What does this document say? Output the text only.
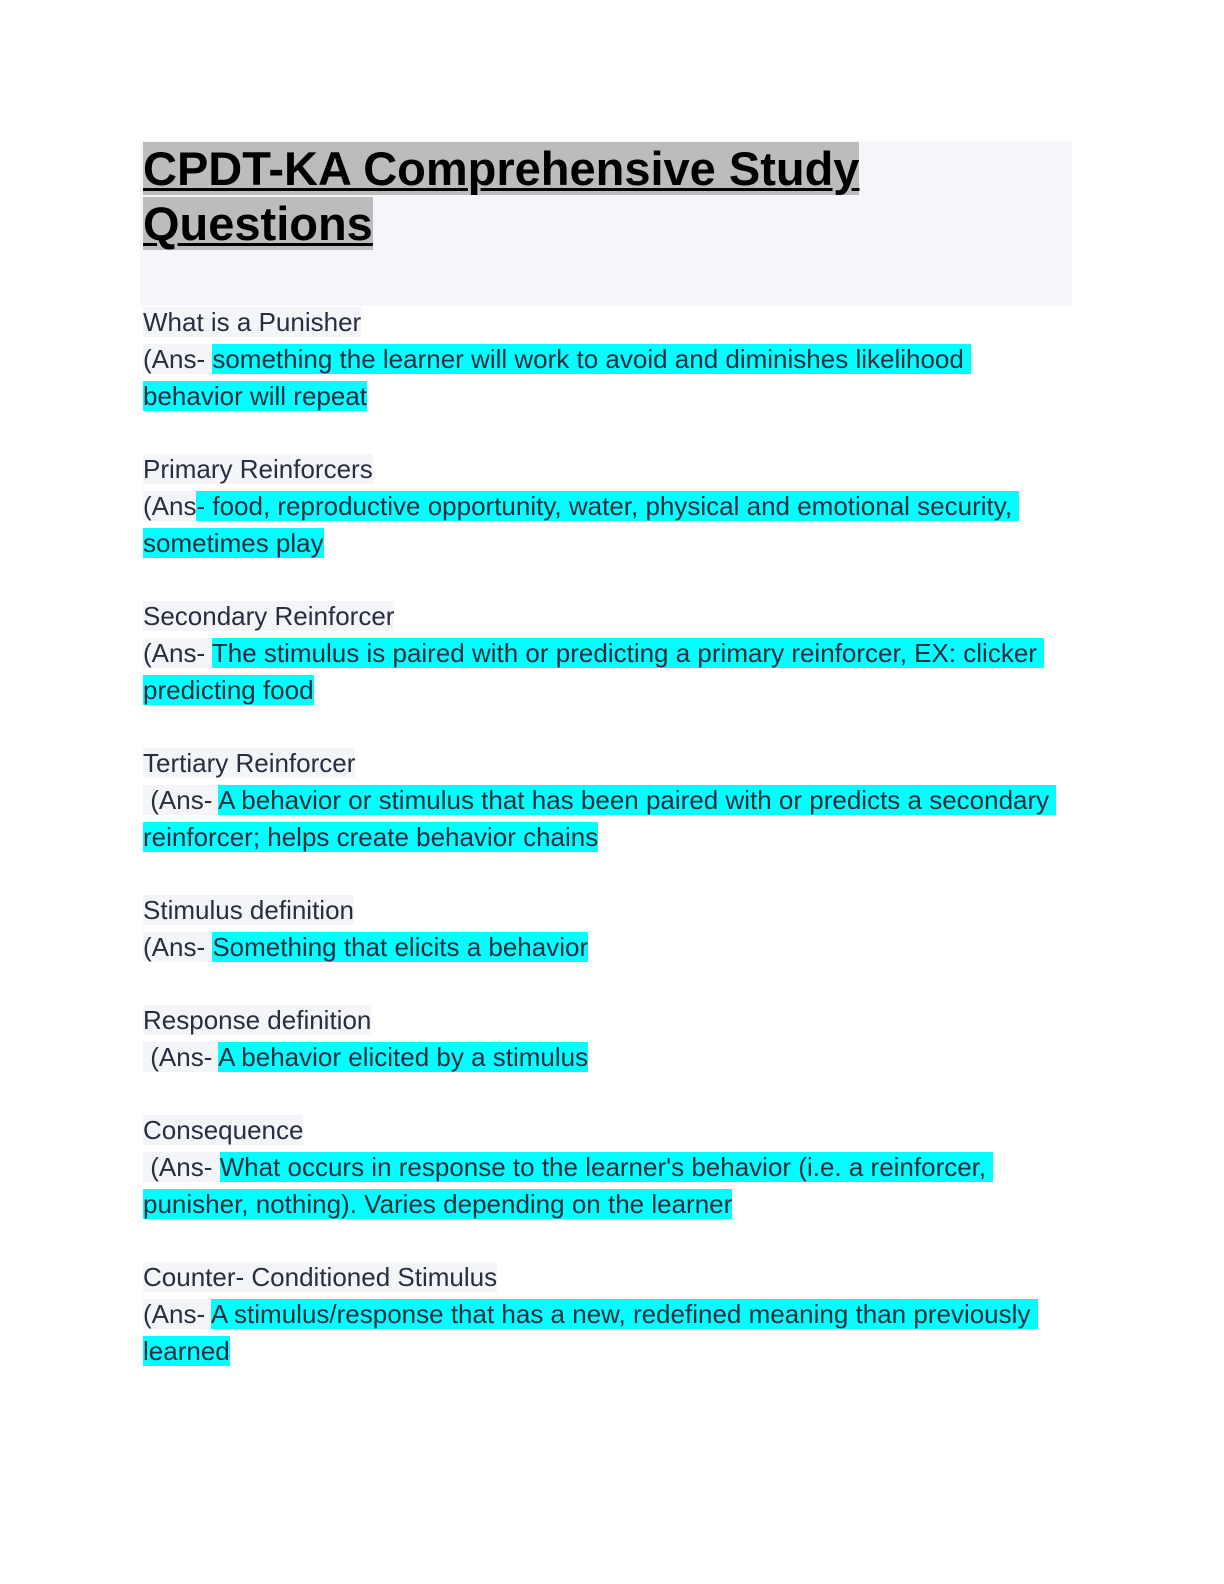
CPDT-KA Comprehensive Study Questions
What is a Punisher
(Ans- something the learner will work to avoid and diminishes likelihood behavior will repeat
Primary Reinforcers
(Ans- food, reproductive opportunity, water, physical and emotional security, sometimes play
Secondary Reinforcer
(Ans- The stimulus is paired with or predicting a primary reinforcer, EX: clicker predicting food
Tertiary Reinforcer
(Ans- A behavior or stimulus that has been paired with or predicts a secondary reinforcer; helps create behavior chains
Stimulus definition
(Ans- Something that elicits a behavior
Response definition
(Ans- A behavior elicited by a stimulus
Consequence
(Ans- What occurs in response to the learner's behavior (i.e. a reinforcer, punisher, nothing). Varies depending on the learner
Counter- Conditioned Stimulus
(Ans- A stimulus/response that has a new, redefined meaning than previously learned
